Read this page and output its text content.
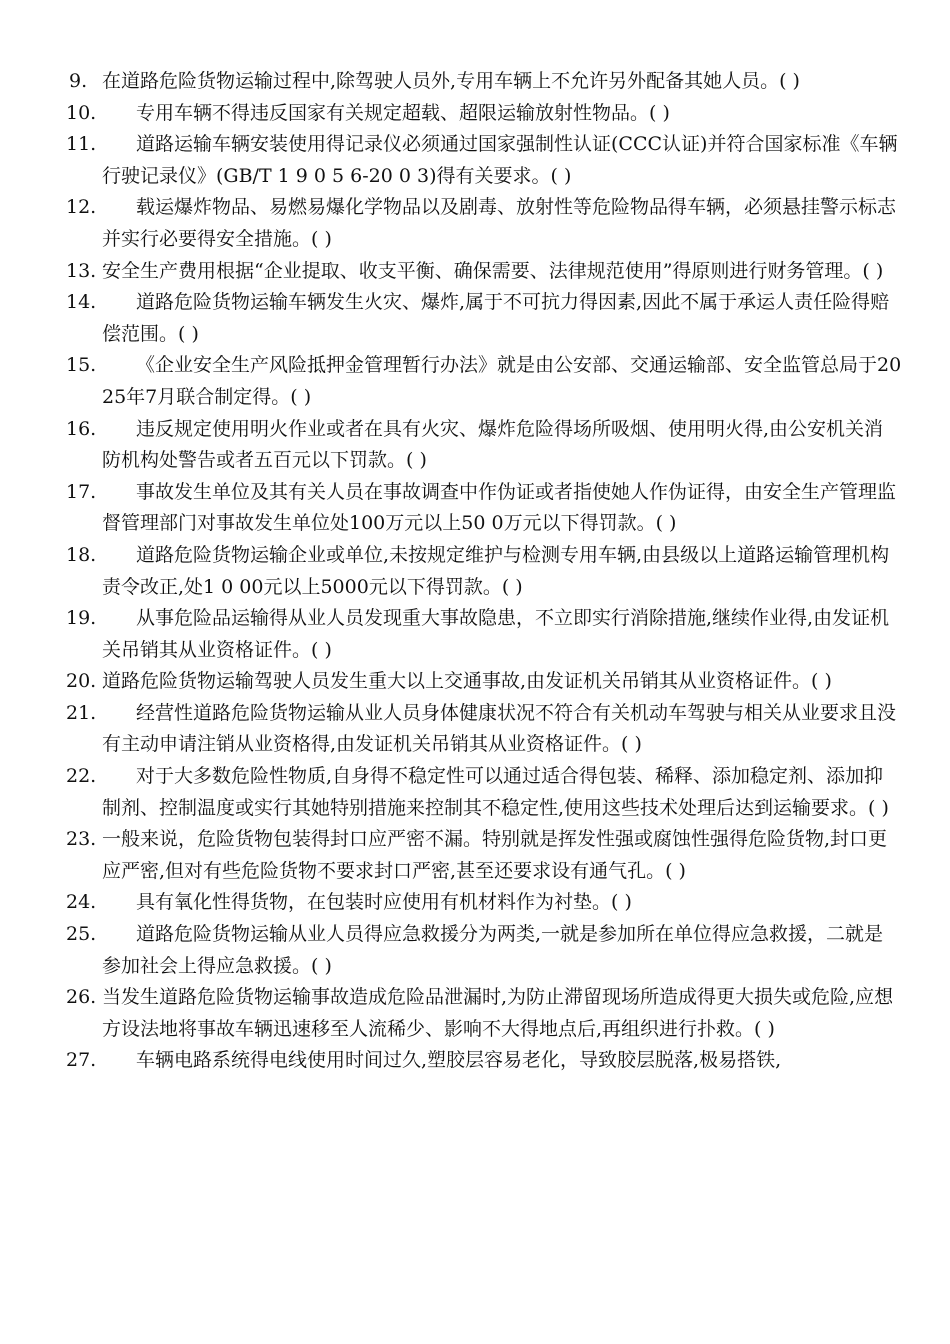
9. 在道路危险货物运输过程中,除驾驶人员外,专用车辆上不允许另外配备其她人员。( )
10.	专用车辆不得违反国家有关规定超载、超限运输放射性物品。( )
11.	道路运输车辆安装使用得记录仪必须通过国家强制性认证(CCC认证)并符合国家标准《车辆行驶记录仪》(GB/T 1 9 0 5 6-20 0 3)得有关要求。( )
12.	载运爆炸物品、易燃易爆化学物品以及剧毒、放射性等危险物品得车辆，必须悬挂警示标志并实行必要得安全措施。( )
13. 安全生产费用根据“企业提取、收支平衡、确保需要、法律规范使用”得原则进行财务管理。( )
14.	道路危险货物运输车辆发生火灾、爆炸,属于不可抗力得因素,因此不属于承运人责任险得赔偿范围。( )
15.	《企业安全生产风险抵押金管理暂行办法》就是由公安部、交通运输部、安全监管总局于2025年7月联合制定得。( )
16.	违反规定使用明火作业或者在具有火灾、爆炸危险得场所吸烟、使用明火得,由公安机关消防机构处警告或者五百元以下罚款。( )
17.	事故发生单位及其有关人员在事故调查中作伪证或者指使她人作伪证得，由安全生产管理监督管理部门对事故发生单位处100万元以上50 0万元以下得罚款。( )
18.	道路危险货物运输企业或单位,未按规定维护与检测专用车辆,由县级以上道路运输管理机构责令改正,处1 0 00元以上5000元以下得罚款。( )
19.	从事危险品运输得从业人员发现重大事故隐患，不立即实行消除措施,继续作业得,由发证机关吊销其从业资格证件。( )
20. 道路危险货物运输驾驶人员发生重大以上交通事故,由发证机关吊销其从业资格证件。( )
21.	经营性道路危险货物运输从业人员身体健康状况不符合有关机动车驾驶与相关从业要求且没有主动申请注销从业资格得,由发证机关吊销其从业资格证件。( )
22.	对于大多数危险性物质,自身得不稳定性可以通过适合得包装、稀释、添加稳定剂、添加抑制剂、控制温度或实行其她特别措施来控制其不稳定性,使用这些技术处理后达到运输要求。( )
23. 一般来说，危险货物包装得封口应严密不漏。特别就是挥发性强或腐蚀性强得危险货物,封口更应严密,但对有些危险货物不要求封口严密,甚至还要求设有通气孔。( )
24.	具有氧化性得货物，在包装时应使用有机材料作为衬垫。( )
25.	道路危险货物运输从业人员得应急救援分为两类,一就是参加所在单位得应急救援，二就是参加社会上得应急救援。( )
26. 当发生道路危险货物运输事故造成危险品泄漏时,为防止滞留现场所造成得更大损失或危险,应想方设法地将事故车辆迅速移至人流稀少、影响不大得地点后,再组织进行扑救。( )
27.	车辆电路系统得电线使用时间过久,塑胶层容易老化，导致胶层脱落,极易搭铁,
